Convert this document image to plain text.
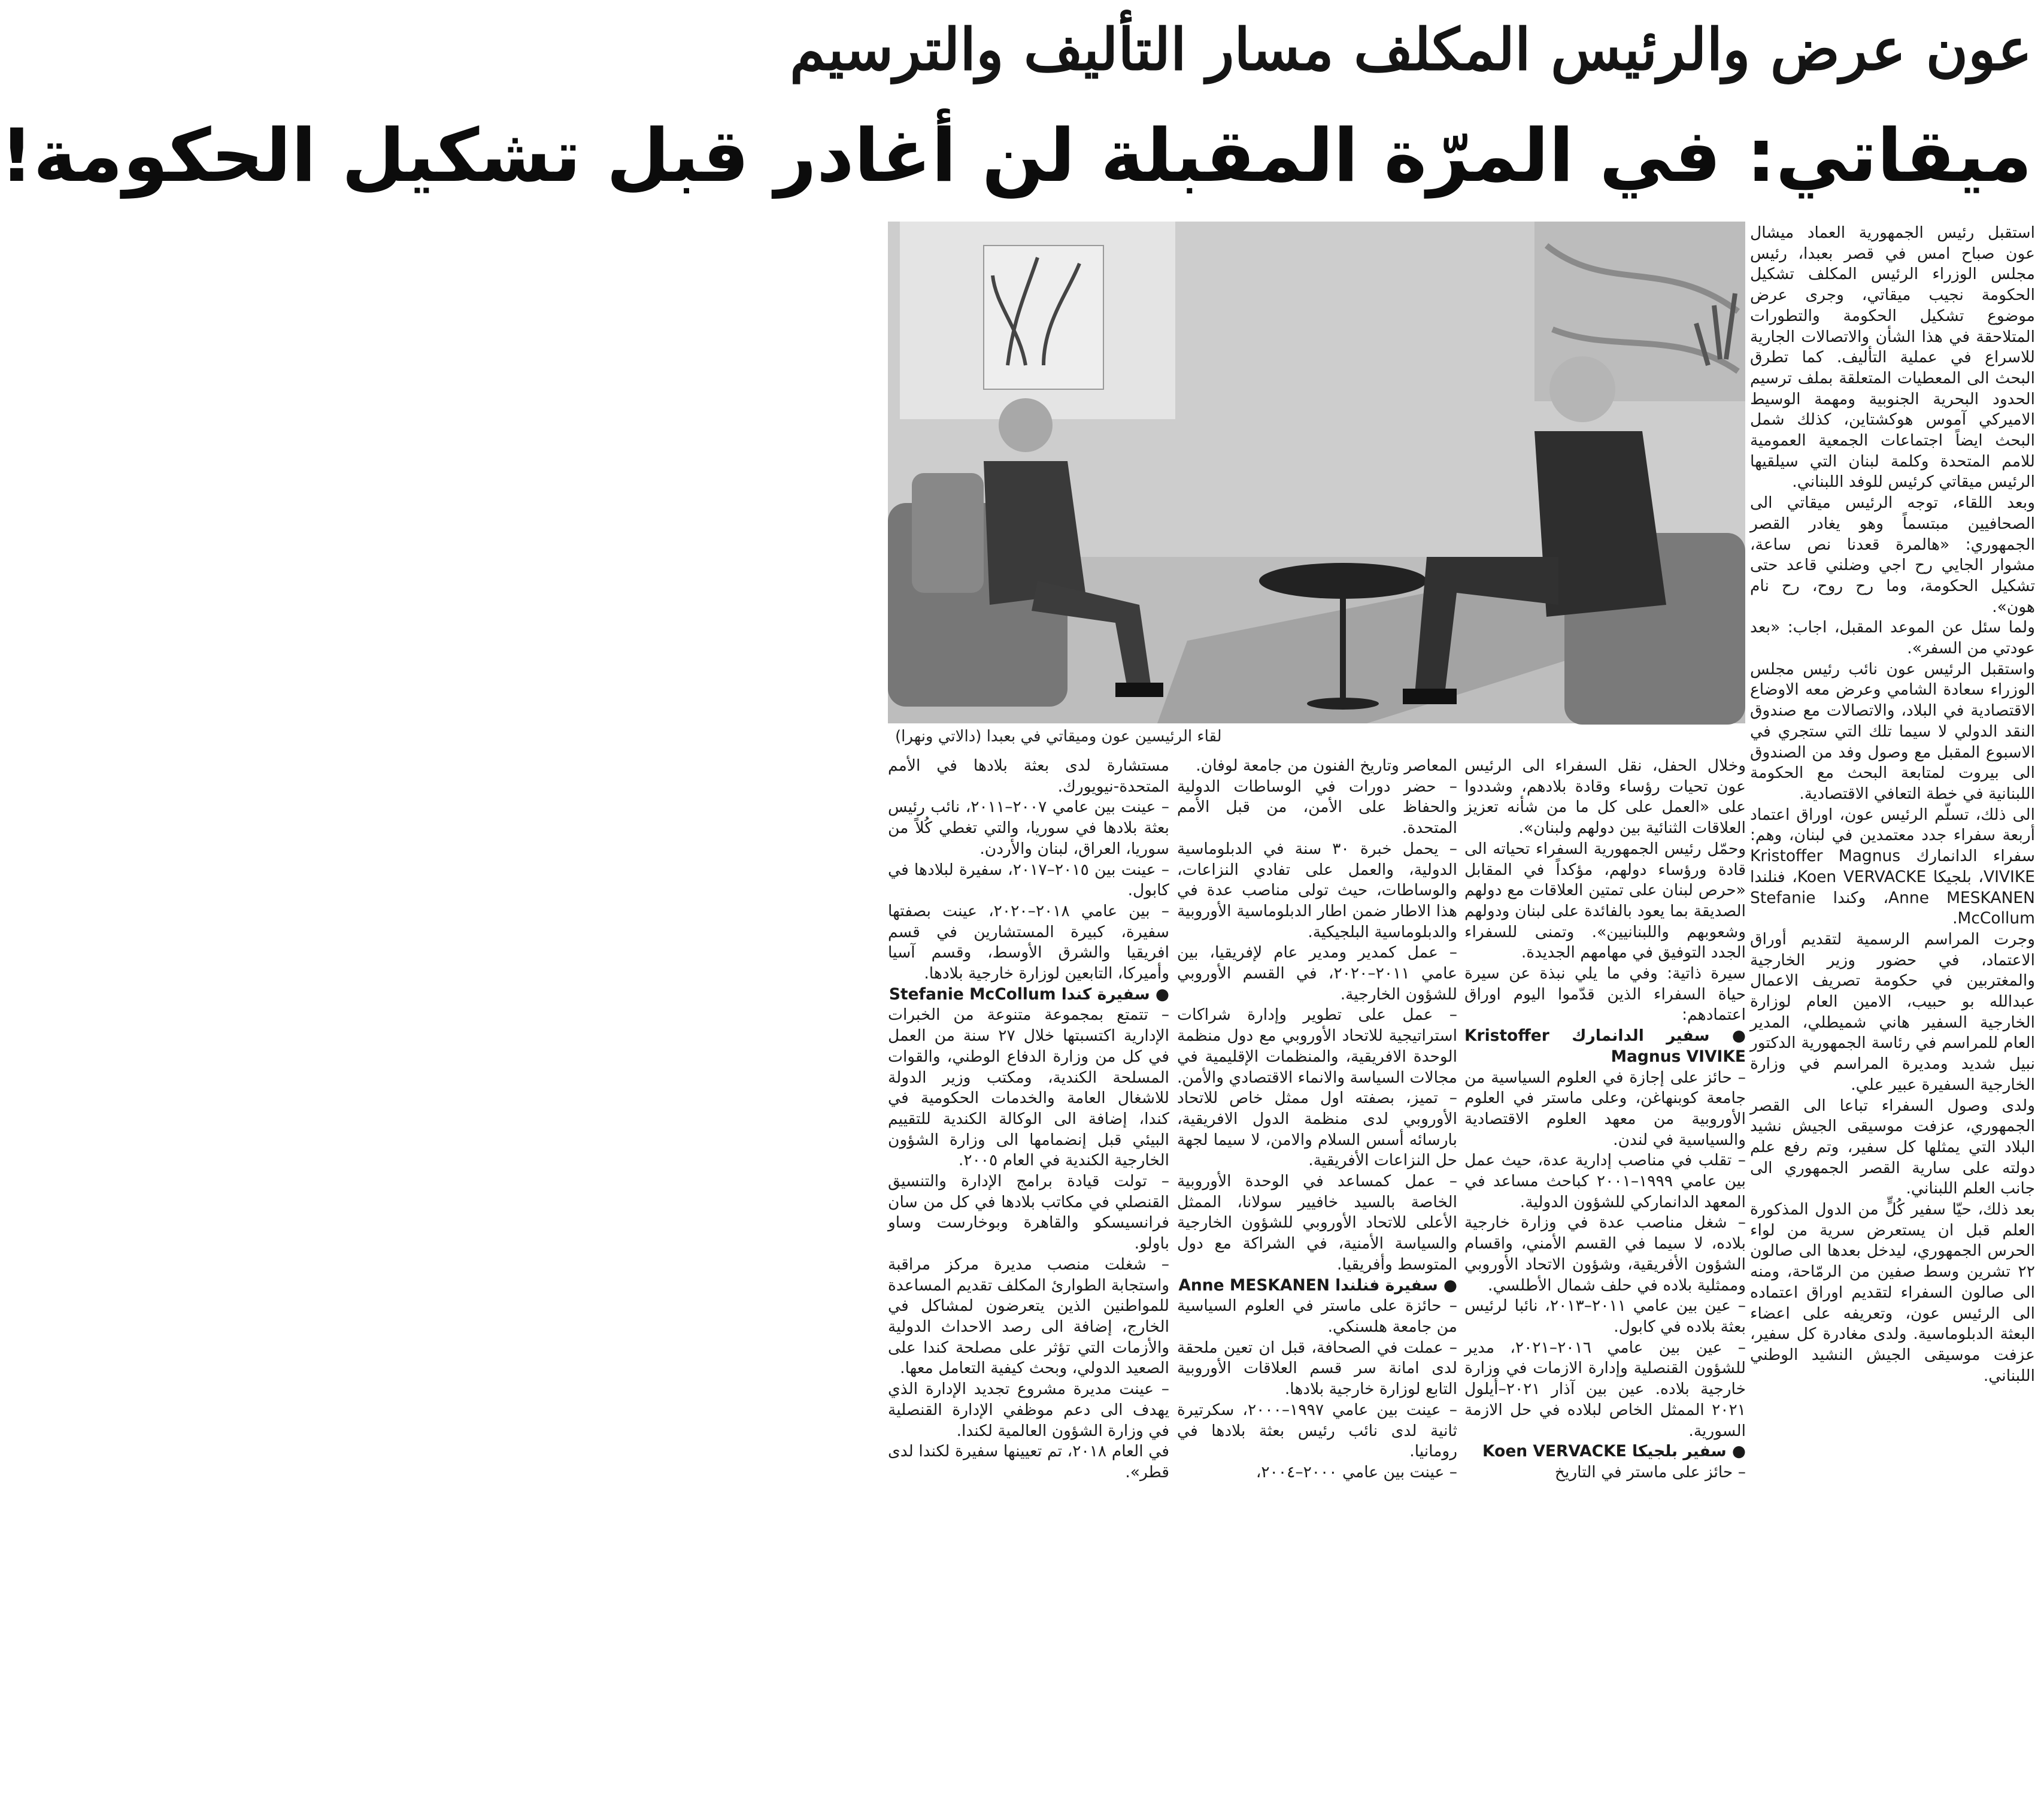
عون عرض والرئيس المكلف مسار التأليف والترسيم
ميقاتي: في المرّة المقبلة لن أغادر قبل تشكيل الحكومة!

استقبل رئيس الجمهورية العماد ميشال عون صباح امس في قصر بعبدا، رئيس مجلس الوزراء الرئيس المكلف تشكيل الحكومة نجيب ميقاتي، وجرى عرض موضوع تشكيل الحكومة والتطورات المتلاحقة في هذا الشأن والاتصالات الجارية للاسراع في عملية التأليف. كما تطرق البحث الى المعطيات المتعلقة بملف ترسيم الحدود البحرية الجنوبية ومهمة الوسيط الاميركي آموس هوكشتاين، كذلك شمل البحث ايضاً اجتماعات الجمعية العمومية للامم المتحدة وكلمة لبنان التي سيلقيها الرئيس ميقاتي كرئيس للوفد اللبناني.

وبعد اللقاء، توجه الرئيس ميقاتي الى الصحافيين مبتسماً وهو يغادر القصر الجمهوري: «هالمرة قعدنا نص ساعة، مشوار الجايي رح اجي وضلني قاعد حتى تشكيل الحكومة، وما رح روح، رح نام هون».

ولما سئل عن الموعد المقبل، اجاب: «بعد عودتي من السفر».

واستقبل الرئيس عون نائب رئيس مجلس الوزراء سعادة الشامي وعرض معه الاوضاع الاقتصادية في البلاد، والاتصالات مع صندوق النقد الدولي لا سيما تلك التي ستجري في الاسبوع المقبل مع وصول وفد من الصندوق الى بيروت لمتابعة البحث مع الحكومة اللبنانية في خطة التعافي الاقتصادية.

الى ذلك، تسلّم الرئيس عون، اوراق اعتماد أربعة سفراء جدد معتمدين في لبنان، وهم: سفراء الدانمارك Kristoffer Magnus VIVIKE، بلجيكا Koen VERVACKE، فنلندا Anne MESKANEN، وكندا Stefanie McCollum.

وجرت المراسم الرسمية لتقديم أوراق الاعتماد، في حضور وزير الخارجية والمغتربين في حكومة تصريف الاعمال عبدالله بو حبيب، الامين العام لوزارة الخارجية السفير هاني شميطلي، المدير العام للمراسم في رئاسة الجمهورية الدكتور نبيل شديد ومديرة المراسم في وزارة الخارجية السفيرة عبير علي.

ولدى وصول السفراء تباعا الى القصر الجمهوري، عزفت موسيقى الجيش نشيد البلاد التي يمثلها كل سفير، وتم رفع علم دولته على سارية القصر الجمهوري الى جانب العلم اللبناني.

بعد ذلك، حيّا سفير كُلٍّ من الدول المذكورة العلم قبل ان يستعرض سرية من لواء الحرس الجمهوري، ليدخل بعدها الى صالون ٢٢ تشرين وسط صفين من الرمّاحة، ومنه الى صالون السفراء لتقديم اوراق اعتماده الى الرئيس عون، وتعريفه على اعضاء البعثة الدبلوماسية. ولدى مغادرة كل سفير، عزفت موسيقى الجيش النشيد الوطني اللبناني.

لقاء الرئيسين عون وميقاتي في بعبدا (دالاتي ونهرا)

وخلال الحفل، نقل السفراء الى الرئيس عون تحيات رؤساء وقادة بلادهم، وشددوا على «العمل على كل ما من شأنه تعزيز العلاقات الثنائية بين دولهم ولبنان».

وحمّل رئيس الجمهورية السفراء تحياته الى قادة ورؤساء دولهم، مؤكداً في المقابل «حرص لبنان على تمتين العلاقات مع دولهم الصديقة بما يعود بالفائدة على لبنان ودولهم وشعوبهم واللبنانيين». وتمنى للسفراء الجدد التوفيق في مهامهم الجديدة.

سيرة ذاتية: وفي ما يلي نبذة عن سيرة حياة السفراء الذين قدّموا اليوم اوراق اعتمادهم:

● سفير الدانمارك Kristoffer Magnus VIVIKE

– حائز على إجازة في العلوم السياسية من جامعة كوبنهاغن، وعلى ماستر في العلوم الأوروبية من معهد العلوم الاقتصادية والسياسية في لندن.

– تقلب في مناصب إدارية عدة، حيث عمل بين عامي ١٩٩٩–٢٠٠١ كباحث مساعد في المعهد الدانماركي للشؤون الدولية.

– شغل مناصب عدة في وزارة خارجية بلاده، لا سيما في القسم الأمني، واقسام الشؤون الأفريقية، وشؤون الاتحاد الأوروبي وممثلية بلاده في حلف شمال الأطلسي.

– عين بين عامي ٢٠١١–٢٠١٣، نائبا لرئيس بعثة بلاده في كابول.

– عين بين عامي ٢٠١٦–٢٠٢١، مدير للشؤون القنصلية وإدارة الازمات في وزارة خارجية بلاده. عين بين آذار ٢٠٢١–أيلول ٢٠٢١ الممثل الخاص لبلاده في حل الازمة السورية.

● سفير بلجيكا Koen VERVACKE

– حائز على ماستر في التاريخ

المعاصر وتاريخ الفنون من جامعة لوفان.

– حضر دورات في الوساطات الدولية والحفاظ على الأمن، من قبل الأمم المتحدة.

– يحمل خبرة ٣٠ سنة في الدبلوماسية الدولية، والعمل على تفادي النزاعات، والوساطات، حيث تولى مناصب عدة في هذا الاطار ضمن اطار الدبلوماسية الأوروبية والدبلوماسية البلجيكية.

– عمل كمدير ومدير عام لإفريقيا، بين عامي ٢٠١١–٢٠٢٠، في القسم الأوروبي للشؤون الخارجية.

– عمل على تطوير وإدارة شراكات استراتيجية للاتحاد الأوروبي مع دول منظمة الوحدة الافريقية، والمنظمات الإقليمية في مجالات السياسة والانماء الاقتصادي والأمن.

– تميز، بصفته اول ممثل خاص للاتحاد الأوروبي لدى منظمة الدول الافريقية، بارسائه أسس السلام والامن، لا سيما لجهة حل النزاعات الأفريقية.

– عمل كمساعد في الوحدة الأوروبية الخاصة بالسيد خافيير سولانا، الممثل الأعلى للاتحاد الأوروبي للشؤون الخارجية والسياسة الأمنية، في الشراكة مع دول المتوسط وأفريقيا.

● سفيرة فنلندا Anne MESKANEN

– حائزة على ماستر في العلوم السياسية من جامعة هلسنكي.

– عملت في الصحافة، قبل ان تعين ملحقة لدى امانة سر قسم العلاقات الأوروبية التابع لوزارة خارجية بلادها.

– عينت بين عامي ١٩٩٧–٢٠٠٠، سكرتيرة ثانية لدى نائب رئيس بعثة بلادها في رومانيا.

– عينت بين عامي ٢٠٠٠–٢٠٠٤،

مستشارة لدى بعثة بلادها في الأمم المتحدة-نيويورك.

– عينت بين عامي ٢٠٠٧–٢٠١١، نائب رئيس بعثة بلادها في سوريا، والتي تغطي كُلاً من سوريا، العراق، لبنان والأردن.

– عينت بين ٢٠١٥–٢٠١٧، سفيرة لبلادها في كابول.

– بين عامي ٢٠١٨–٢٠٢٠، عينت بصفتها سفيرة، كبيرة المستشارين في قسم افريقيا والشرق الأوسط، وقسم آسيا وأميركا، التابعين لوزارة خارجية بلادها.

● سفيرة كندا Stefanie McCollum

– تتمتع بمجموعة متنوعة من الخبرات الإدارية اكتسبتها خلال ٢٧ سنة من العمل في كل من وزارة الدفاع الوطني، والقوات المسلحة الكندية، ومكتب وزير الدولة للاشغال العامة والخدمات الحكومية في كندا، إضافة الى الوكالة الكندية للتقييم البيئي قبل إنضمامها الى وزارة الشؤون الخارجية الكندية في العام ٢٠٠٥.

– تولت قيادة برامج الإدارة والتنسيق القنصلي في مكاتب بلادها في كل من سان فرانسيسكو والقاهرة وبوخارست وساو باولو.

– شغلت منصب مديرة مركز مراقبة واستجابة الطوارئ المكلف تقديم المساعدة للمواطنين الذين يتعرضون لمشاكل في الخارج، إضافة الى رصد الاحداث الدولية والأزمات التي تؤثر على مصلحة كندا على الصعيد الدولي، وبحث كيفية التعامل معها.

– عينت مديرة مشروع تجديد الإدارة الذي يهدف الى دعم موظفي الإدارة القنصلية في وزارة الشؤون العالمية لكندا.

في العام ٢٠١٨، تم تعيينها سفيرة لكندا لدى قطر».
